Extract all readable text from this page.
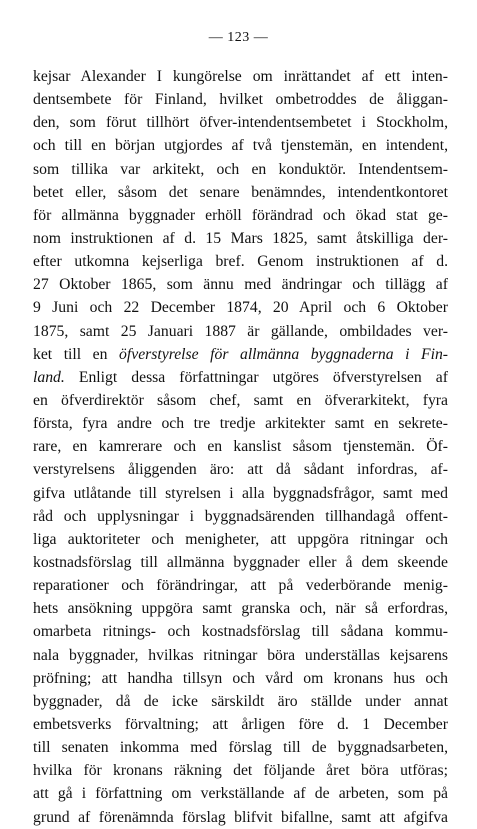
— 123 —
kejsar Alexander I kungörelse om inrättandet af ett inten-
dentsembete för Finland, hvilket ombetroddes de åliggan-
den, som förut tillhört öfver-intendentsembetet i Stockholm,
och till en början utgjordes af två tjenstemän, en intendent,
som tillika var arkitekt, och en konduktör. Intendentsem-
betet eller, såsom det senare benämndes, intendentkontoret
för allmänna byggnader erhöll förändrad och ökad stat ge-
nom instruktionen af d. 15 Mars 1825, samt åtskilliga der-
efter utkomna kejserliga bref. Genom instruktionen af d.
27 Oktober 1865, som ännu med ändringar och tillägg af
9 Juni och 22 December 1874, 20 April och 6 Oktober
1875, samt 25 Januari 1887 är gällande, ombildades ver-
ket till en öfverstyrelse för allmänna byggnaderna i Fin-
land. Enligt dessa författningar utgöres öfverstyrelsen af
en öfverdirektör såsom chef, samt en öfverarkitekt, fyra
första, fyra andre och tre tredje arkitekter samt en sekrete-
rare, en kamrerare och en kanslist såsom tjenstemän. Öf-
verstyrelsens åliggenden äro: att då sådant infordras, af-
gifva utlåtande till styrelsen i alla byggnadsfrågor, samt med
råd och upplysningar i byggnadsärenden tillhandagå offent-
liga auktoriteter och menigheter, att uppgöra ritningar och
kostnadsförslag till allmänna byggnader eller å dem skeende
reparationer och förändringar, att på vederbörande menig-
hets ansökning uppgöra samt granska och, när så erfordras,
omarbeta ritnings- och kostnadsförslag till sådana kommu-
nala byggnader, hvilkas ritningar böra underställas kejsarens
pröfning; att handha tillsyn och vård om kronans hus och
byggnader, då de icke särskildt äro ställde under annat
embetsverks förvaltning; att årligen före d. 1 December
till senaten inkomma med förslag till de byggnadsarbeten,
hvilka för kronans räkning det följande året böra utföras;
att gå i författning om verkställande af de arbeten, som på
grund af förenämnda förslag blifvit bifallne, samt att afgifva
